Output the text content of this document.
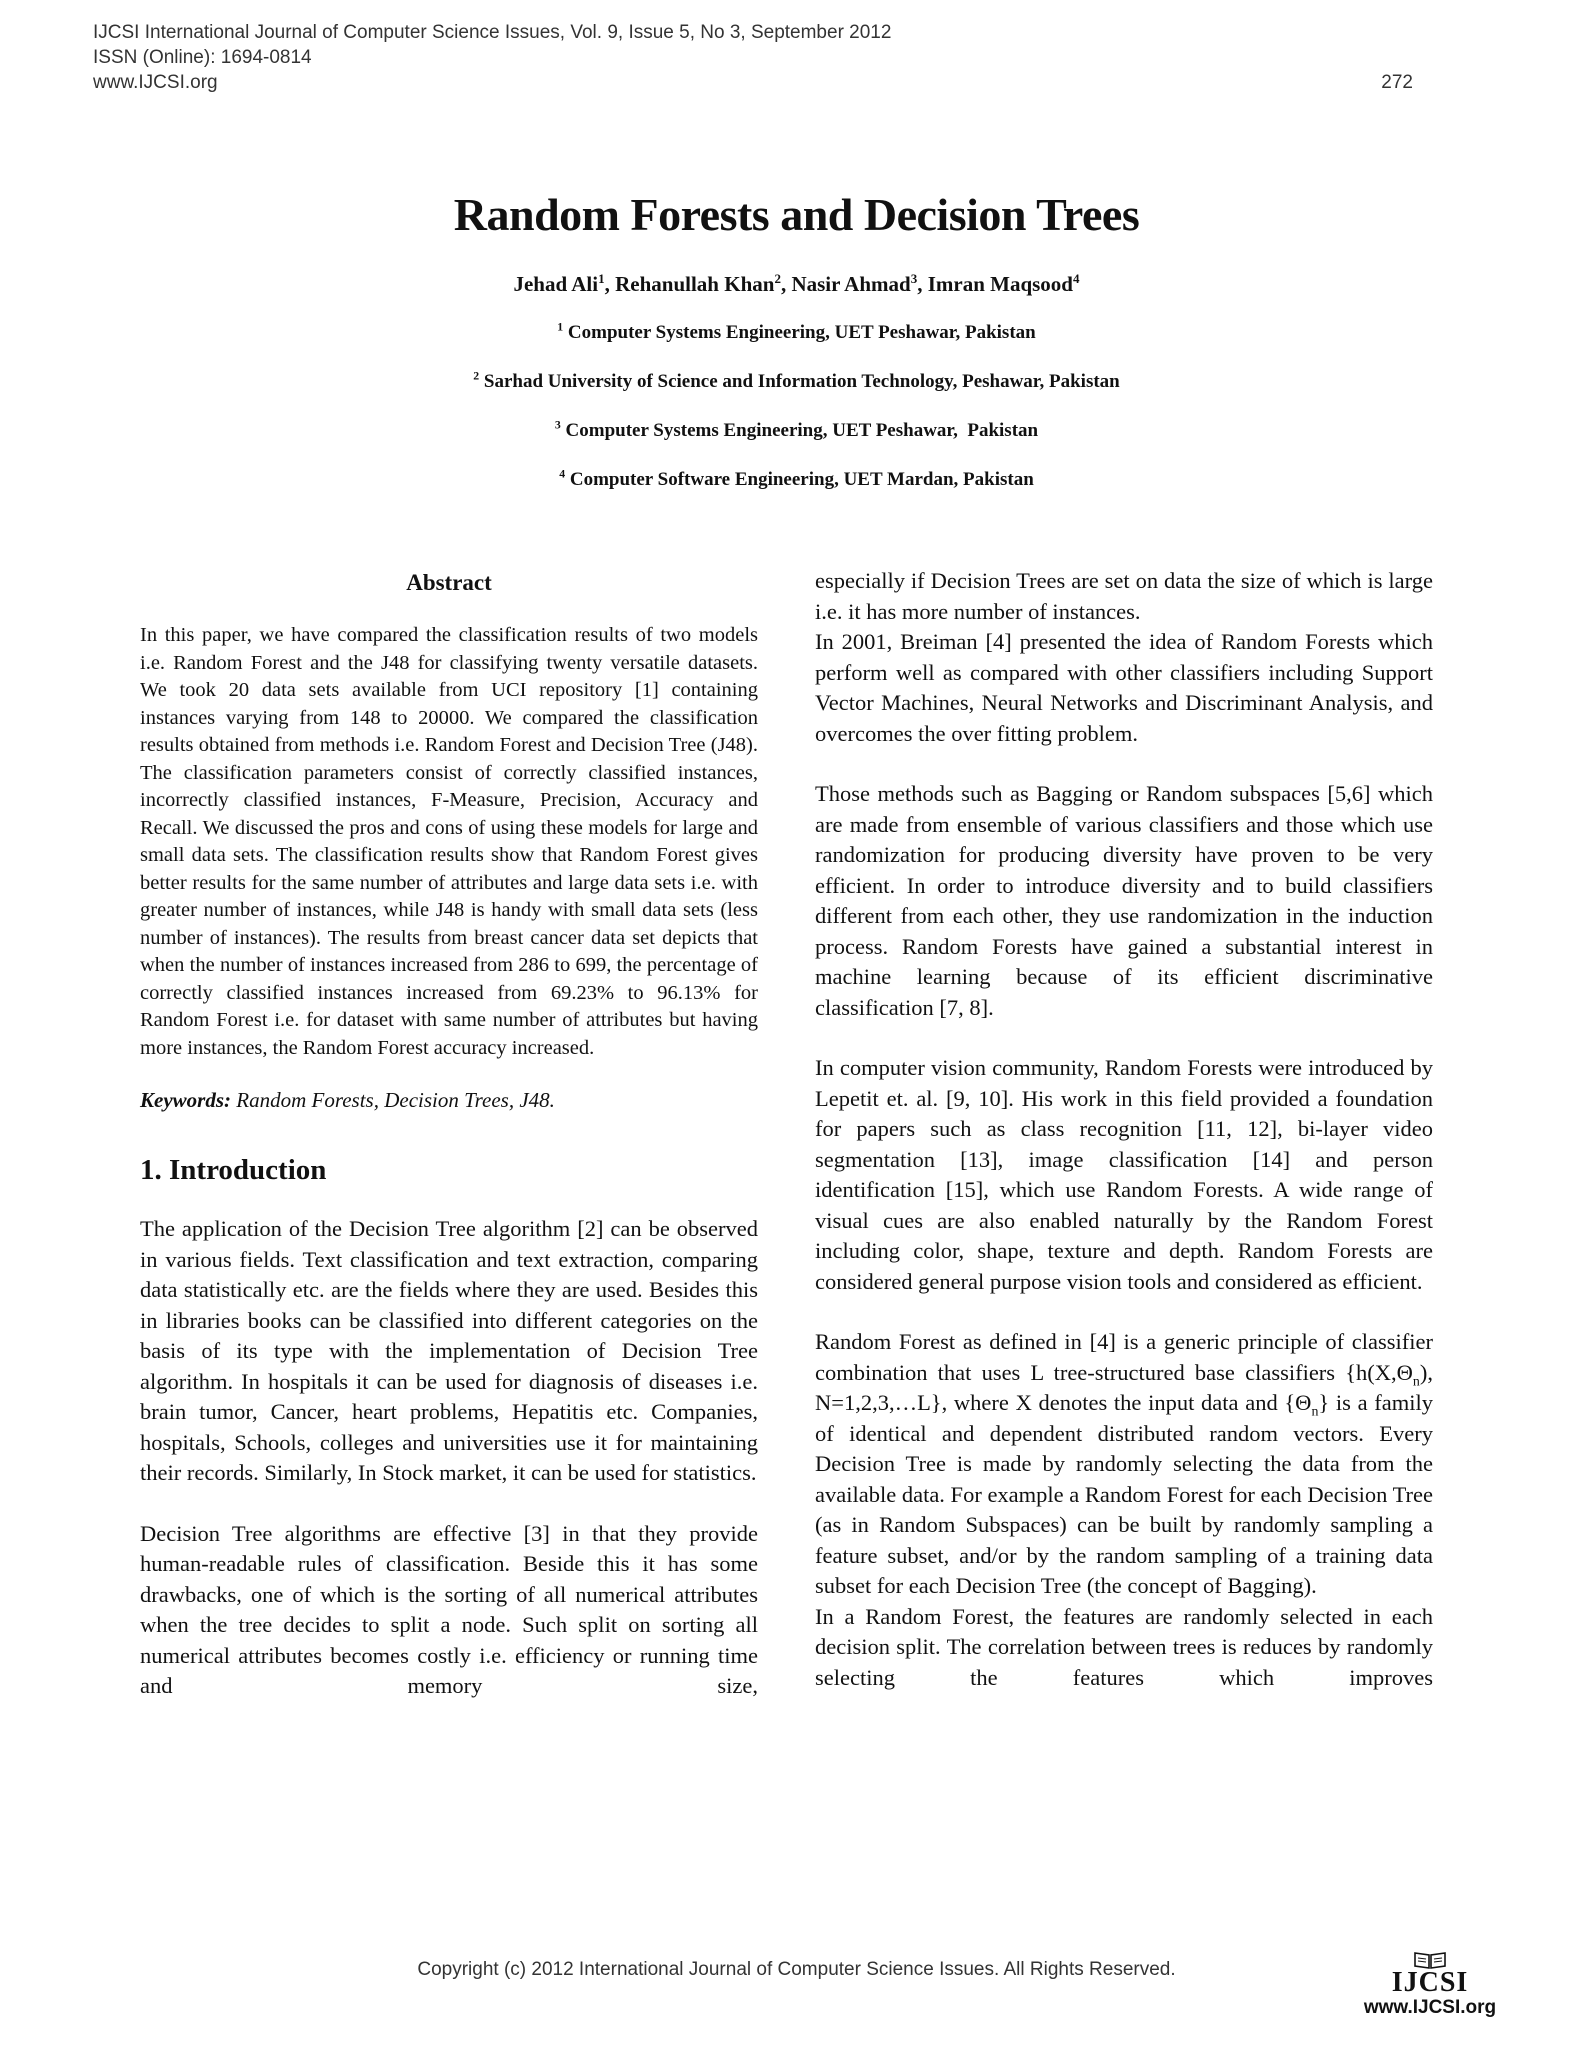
IJCSI International Journal of Computer Science Issues, Vol. 9, Issue 5, No 3, September 2012
ISSN (Online): 1694-0814
www.IJCSI.org	272
Random Forests and Decision Trees
Jehad Ali$^1$, Rehanullah Khan$^2$, Nasir Ahmad$^3$, Imran Maqsood$^4$
$^1$ Computer Systems Engineering, UET Peshawar, Pakistan
$^2$ Sarhad University of Science and Information Technology, Peshawar, Pakistan
$^3$ Computer Systems Engineering, UET Peshawar,  Pakistan
$^4$ Computer Software Engineering, UET Mardan, Pakistan
Abstract

In this paper, we have compared the classification results of two models i.e. Random Forest and the J48 for classifying twenty versatile datasets. We took 20 data sets available from UCI repository [1] containing instances varying from 148 to 20000. We compared the classification results obtained from methods i.e. Random Forest and Decision Tree (J48). The classification parameters consist of correctly classified instances, incorrectly classified instances, F-Measure, Precision, Accuracy and Recall. We discussed the pros and cons of using these models for large and small data sets. The classification results show that Random Forest gives better results for the same number of attributes and large data sets i.e. with greater number of instances, while J48 is handy with small data sets (less number of instances). The results from breast cancer data set depicts that when the number of instances increased from 286 to 699, the percentage of correctly classified instances increased from 69.23% to 96.13% for Random Forest i.e. for dataset with same number of attributes but having more instances, the Random Forest accuracy increased.

Keywords: Random Forests, Decision Trees, J48.

1. Introduction

The application of the Decision Tree algorithm [2] can be observed in various fields. Text classification and text extraction, comparing data statistically etc. are the fields where they are used. Besides this in libraries books can be classified into different categories on the basis of its type with the implementation of Decision Tree algorithm. In hospitals it can be used for diagnosis of diseases i.e. brain tumor, Cancer, heart problems, Hepatitis etc. Companies, hospitals, Schools, colleges and universities use it for maintaining their records. Similarly, In Stock market, it can be used for statistics.

Decision Tree algorithms are effective [3] in that they provide human-readable rules of classification. Beside this it has some drawbacks, one of which is the sorting of all numerical attributes when the tree decides to split a node. Such split on sorting all numerical attributes becomes costly i.e. efficiency or running time and memory size,

especially if Decision Trees are set on data the size of which is large i.e. it has more number of instances.

In 2001, Breiman [4] presented the idea of Random Forests which perform well as compared with other classifiers including Support Vector Machines, Neural Networks and Discriminant Analysis, and overcomes the over fitting problem.

Those methods such as Bagging or Random subspaces [5,6] which are made from ensemble of various classifiers and those which use randomization for producing diversity have proven to be very efficient. In order to introduce diversity and to build classifiers different from each other, they use randomization in the induction process. Random Forests have gained a substantial interest in machine learning because of its efficient discriminative classification [7, 8].

In computer vision community, Random Forests were introduced by Lepetit et. al. [9, 10]. His work in this field provided a foundation for papers such as class recognition [11, 12], bi-layer video segmentation [13], image classification [14] and person identification [15], which use Random Forests. A wide range of visual cues are also enabled naturally by the Random Forest including color, shape, texture and depth. Random Forests are considered general purpose vision tools and considered as efficient.

Random Forest as defined in [4] is a generic principle of classifier combination that uses L tree-structured base classifiers {$h(X,\Theta_n)$, N=1,2,3,…L}, where X denotes the input data and $\{\Theta_n\}$ is a family of identical and dependent distributed random vectors. Every Decision Tree is made by randomly selecting the data from the available data. For example a Random Forest for each Decision Tree (as in Random Subspaces) can be built by randomly sampling a feature subset, and/or by the random sampling of a training data subset for each Decision Tree (the concept of Bagging).

In a Random Forest, the features are randomly selected in each decision split. The correlation between trees is reduces by randomly selecting the features which improves

Copyright (c) 2012 International Journal of Computer Science Issues. All Rights Reserved.	IJCSI
www.IJCSI.org
